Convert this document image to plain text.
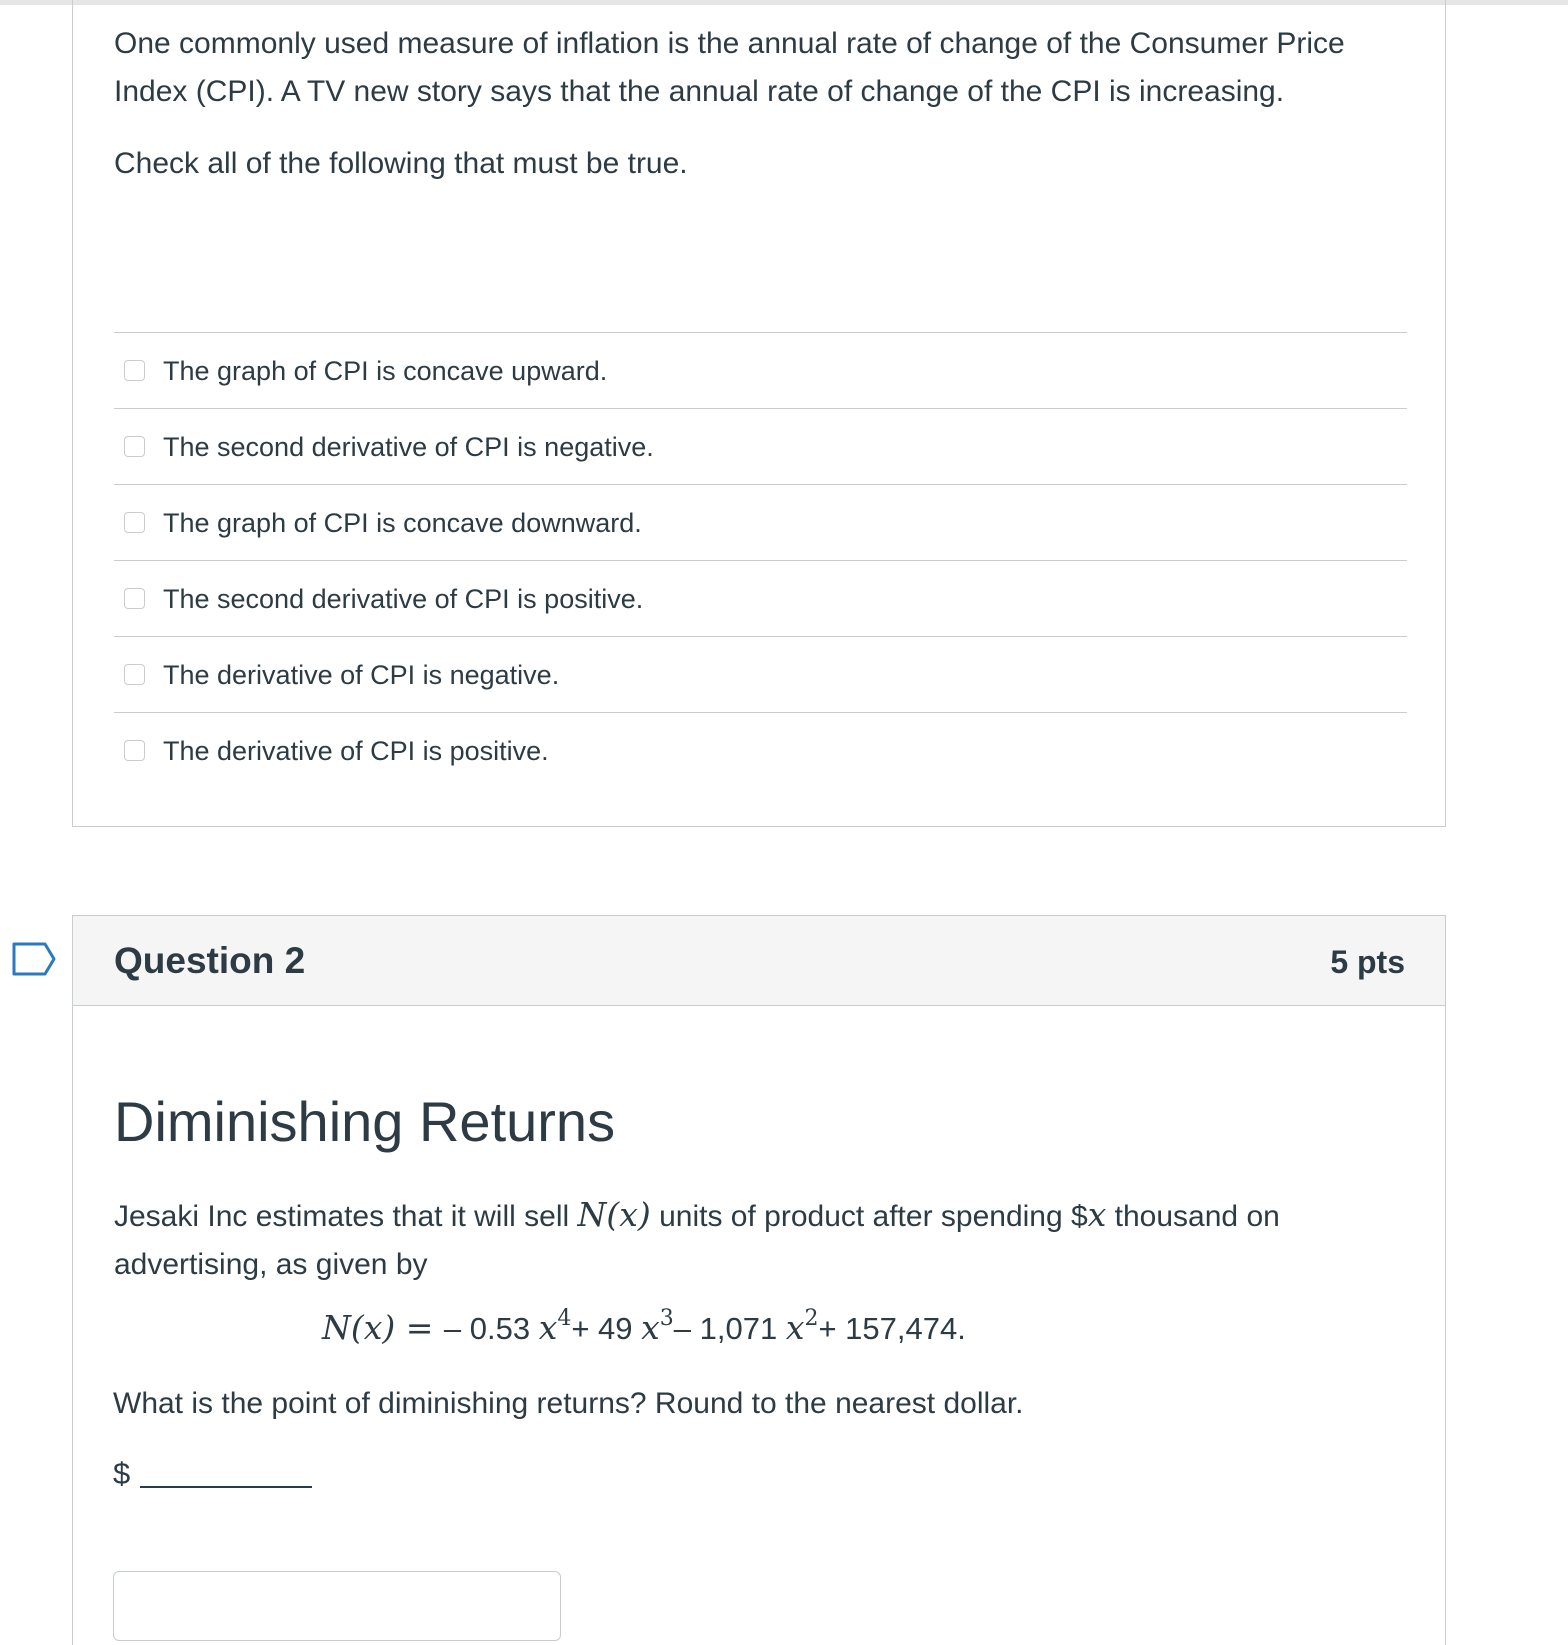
One commonly used measure of inflation is the annual rate of change of the Consumer Price Index (CPI). A TV new story says that the annual rate of change of the CPI is increasing.

Check all of the following that must be true.

The graph of CPI is concave upward.
The second derivative of CPI is negative.
The graph of CPI is concave downward.
The second derivative of CPI is positive.
The derivative of CPI is negative.
The derivative of CPI is positive.
Question 2	5 pts
Diminishing Returns

Jesaki Inc estimates that it will sell N(x) units of product after spending $x thousand on advertising, as given by

N(x) = – 0.53 $x^4+ 49$ $x^3-$ 1,071 $x^2+ 157,474$.

What is the point of diminishing returns? Round to the nearest dollar.

$
